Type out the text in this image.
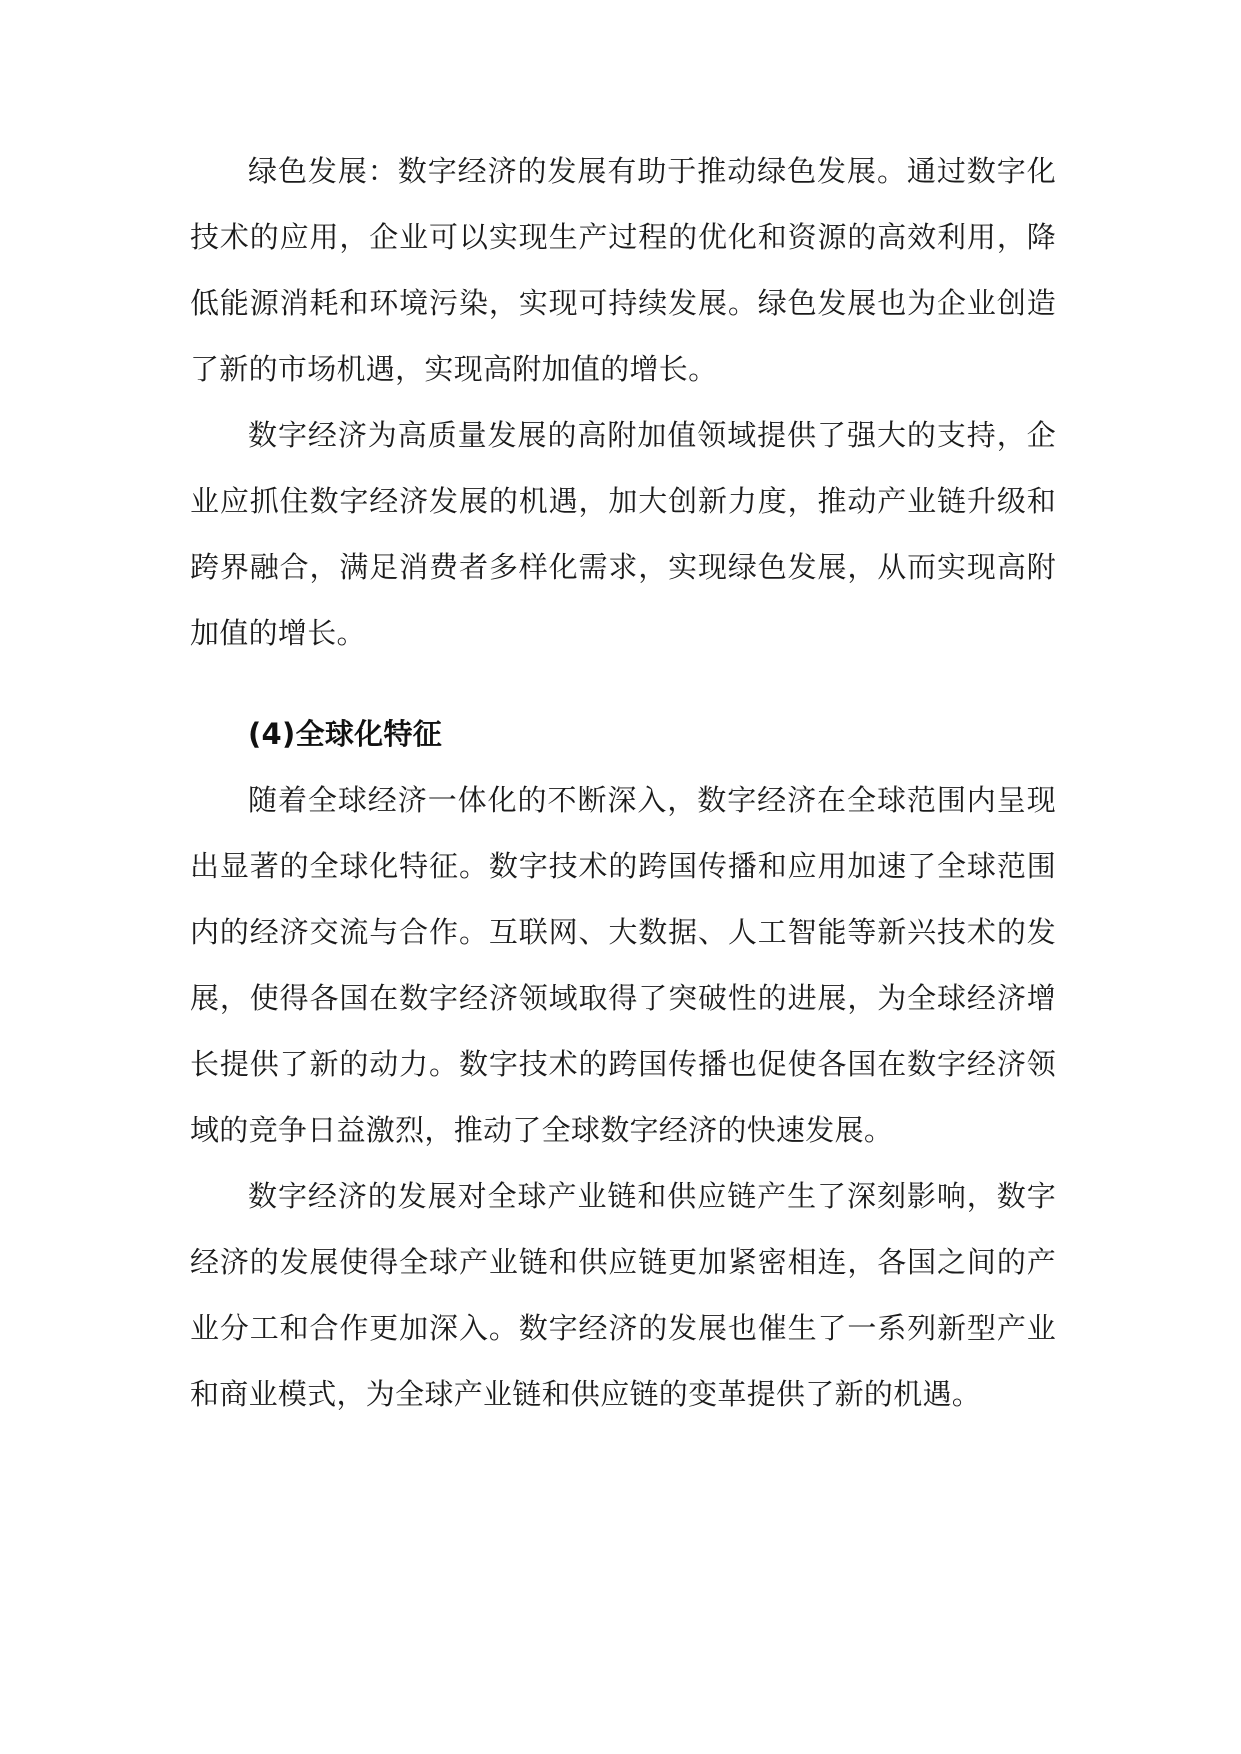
绿色发展：数字经济的发展有助于推动绿色发展。通过数字化技术的应用，企业可以实现生产过程的优化和资源的高效利用，降低能源消耗和环境污染，实现可持续发展。绿色发展也为企业创造了新的市场机遇，实现高附加值的增长。

数字经济为高质量发展的高附加值领域提供了强大的支持，企业应抓住数字经济发展的机遇，加大创新力度，推动产业链升级和跨界融合，满足消费者多样化需求，实现绿色发展，从而实现高附加值的增长。

(4)全球化特征

随着全球经济一体化的不断深入，数字经济在全球范围内呈现出显著的全球化特征。数字技术的跨国传播和应用加速了全球范围内的经济交流与合作。互联网、大数据、人工智能等新兴技术的发展，使得各国在数字经济领域取得了突破性的进展，为全球经济增长提供了新的动力。数字技术的跨国传播也促使各国在数字经济领域的竞争日益激烈，推动了全球数字经济的快速发展。

数字经济的发展对全球产业链和供应链产生了深刻影响，数字经济的发展使得全球产业链和供应链更加紧密相连，各国之间的产业分工和合作更加深入。数字经济的发展也催生了一系列新型产业和商业模式，为全球产业链和供应链的变革提供了新的机遇。
